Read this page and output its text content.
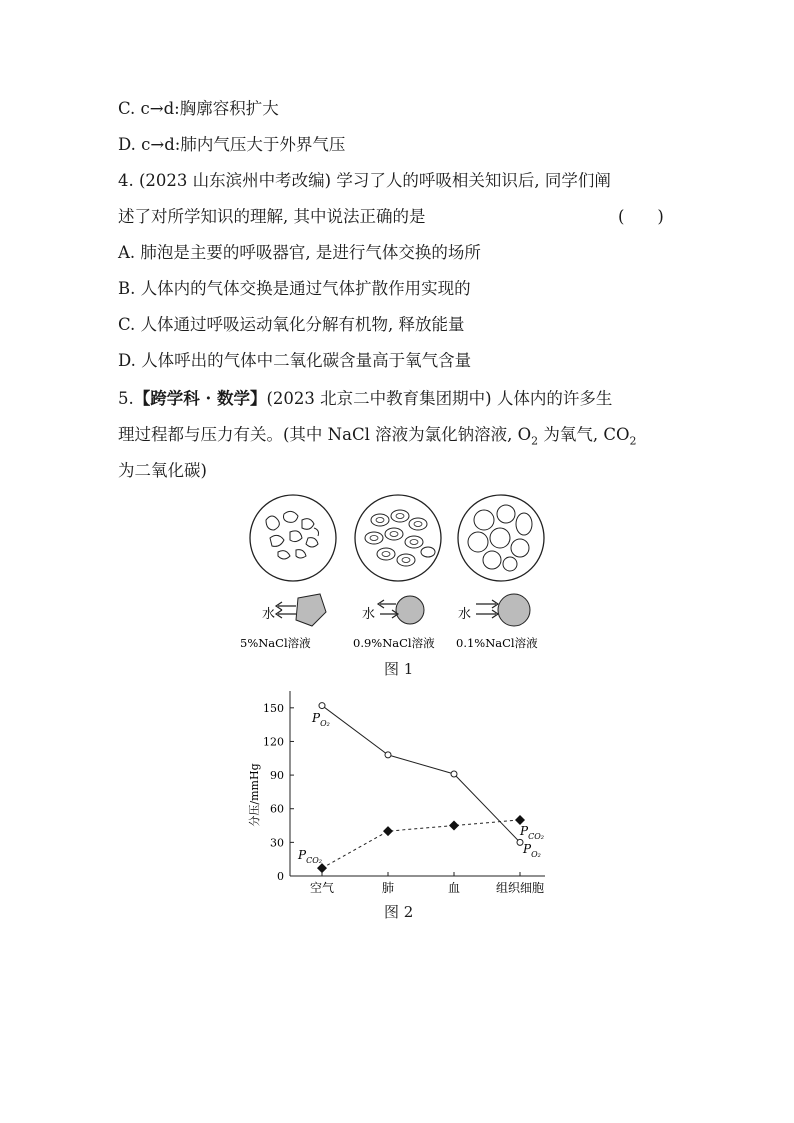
C. c→d:胸廓容积扩大
D. c→d:肺内气压大于外界气压
4. (2023 山东滨州中考改编) 学习了人的呼吸相关知识后, 同学们阐
述了对所学知识的理解, 其中说法正确的是	(　　)
A. 肺泡是主要的呼吸器官, 是进行气体交换的场所
B. 人体内的气体交换是通过气体扩散作用实现的
C. 人体通过呼吸运动氧化分解有机物, 释放能量
D. 人体呼出的气体中二氧化碳含量高于氧气含量
5.【跨学科 · 数学】(2023 北京二中教育集团期中) 人体内的许多生
理过程都与压力有关。(其中 NaCl 溶液为氯化钠溶液, $O_2$ 为氧气, $CO_2$
为二氧化碳)
水	水	水
5%NaCl溶液	0.9%NaCl溶液 0.1%NaCl溶液
图 1
0
30
60
90
120
150
空气	肺	血	组织细胞
分压/mmHg
$P_{O_2}$
$P_{CO_2}$
$P_{CO_2}$
$P_{O_2}$
图 2
